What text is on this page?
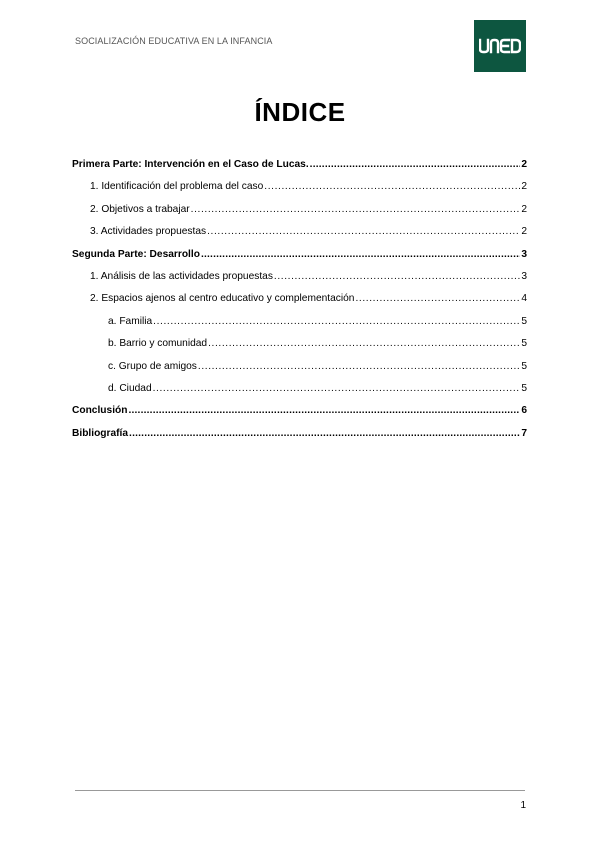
SOCIALIZACIÓN EDUCATIVA EN LA INFANCIA
ÍNDICE
Primera Parte: Intervención en el Caso de Lucas. .....	2
1. Identificación del problema del caso .....	2
2. Objetivos a trabajar .....	2
3. Actividades propuestas .....	2
Segunda Parte: Desarrollo .....	3
1. Análisis de las actividades propuestas .....	3
2. Espacios ajenos al centro educativo y complementación .....	4
a. Familia .....	5
b. Barrio y comunidad .....	5
c. Grupo de amigos .....	5
d. Ciudad .....	5
Conclusión .....	6
Bibliografía .....	7
1
